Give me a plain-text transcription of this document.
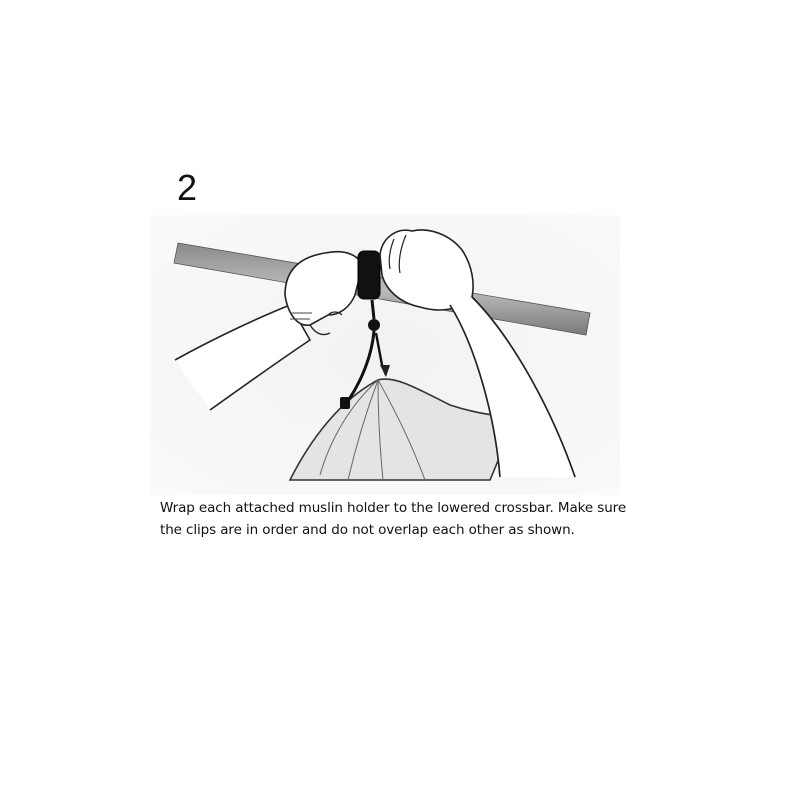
2
Wrap each attached muslin holder to the lowered crossbar. Make sure the clips are in order and do not overlap each other as shown.
